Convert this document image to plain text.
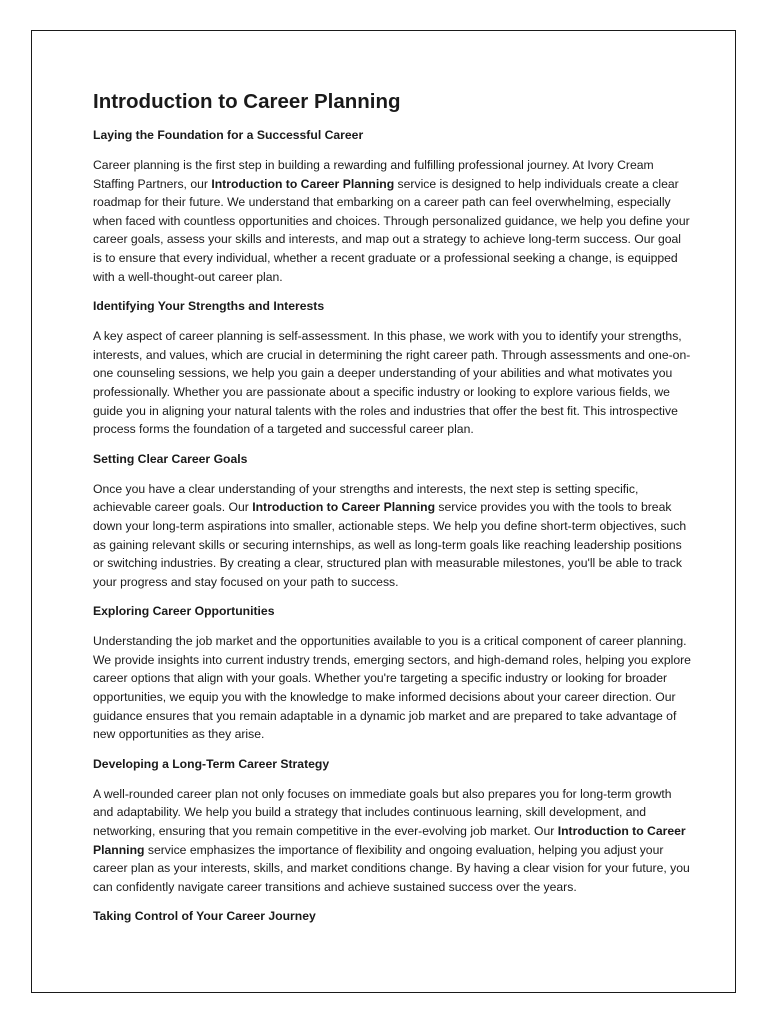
Introduction to Career Planning
Laying the Foundation for a Successful Career

Career planning is the first step in building a rewarding and fulfilling professional journey. At Ivory Cream Staffing Partners, our Introduction to Career Planning service is designed to help individuals create a clear roadmap for their future. We understand that embarking on a career path can feel overwhelming, especially when faced with countless opportunities and choices. Through personalized guidance, we help you define your career goals, assess your skills and interests, and map out a strategy to achieve long-term success. Our goal is to ensure that every individual, whether a recent graduate or a professional seeking a change, is equipped with a well-thought-out career plan.

Identifying Your Strengths and Interests

A key aspect of career planning is self-assessment. In this phase, we work with you to identify your strengths, interests, and values, which are crucial in determining the right career path. Through assessments and one-on-one counseling sessions, we help you gain a deeper understanding of your abilities and what motivates you professionally. Whether you are passionate about a specific industry or looking to explore various fields, we guide you in aligning your natural talents with the roles and industries that offer the best fit. This introspective process forms the foundation of a targeted and successful career plan.

Setting Clear Career Goals

Once you have a clear understanding of your strengths and interests, the next step is setting specific, achievable career goals. Our Introduction to Career Planning service provides you with the tools to break down your long-term aspirations into smaller, actionable steps. We help you define short-term objectives, such as gaining relevant skills or securing internships, as well as long-term goals like reaching leadership positions or switching industries. By creating a clear, structured plan with measurable milestones, you'll be able to track your progress and stay focused on your path to success.

Exploring Career Opportunities

Understanding the job market and the opportunities available to you is a critical component of career planning. We provide insights into current industry trends, emerging sectors, and high-demand roles, helping you explore career options that align with your goals. Whether you're targeting a specific industry or looking for broader opportunities, we equip you with the knowledge to make informed decisions about your career direction. Our guidance ensures that you remain adaptable in a dynamic job market and are prepared to take advantage of new opportunities as they arise.

Developing a Long-Term Career Strategy

A well-rounded career plan not only focuses on immediate goals but also prepares you for long-term growth and adaptability. We help you build a strategy that includes continuous learning, skill development, and networking, ensuring that you remain competitive in the ever-evolving job market. Our Introduction to Career Planning service emphasizes the importance of flexibility and ongoing evaluation, helping you adjust your career plan as your interests, skills, and market conditions change. By having a clear vision for your future, you can confidently navigate career transitions and achieve sustained success over the years.

Taking Control of Your Career Journey
